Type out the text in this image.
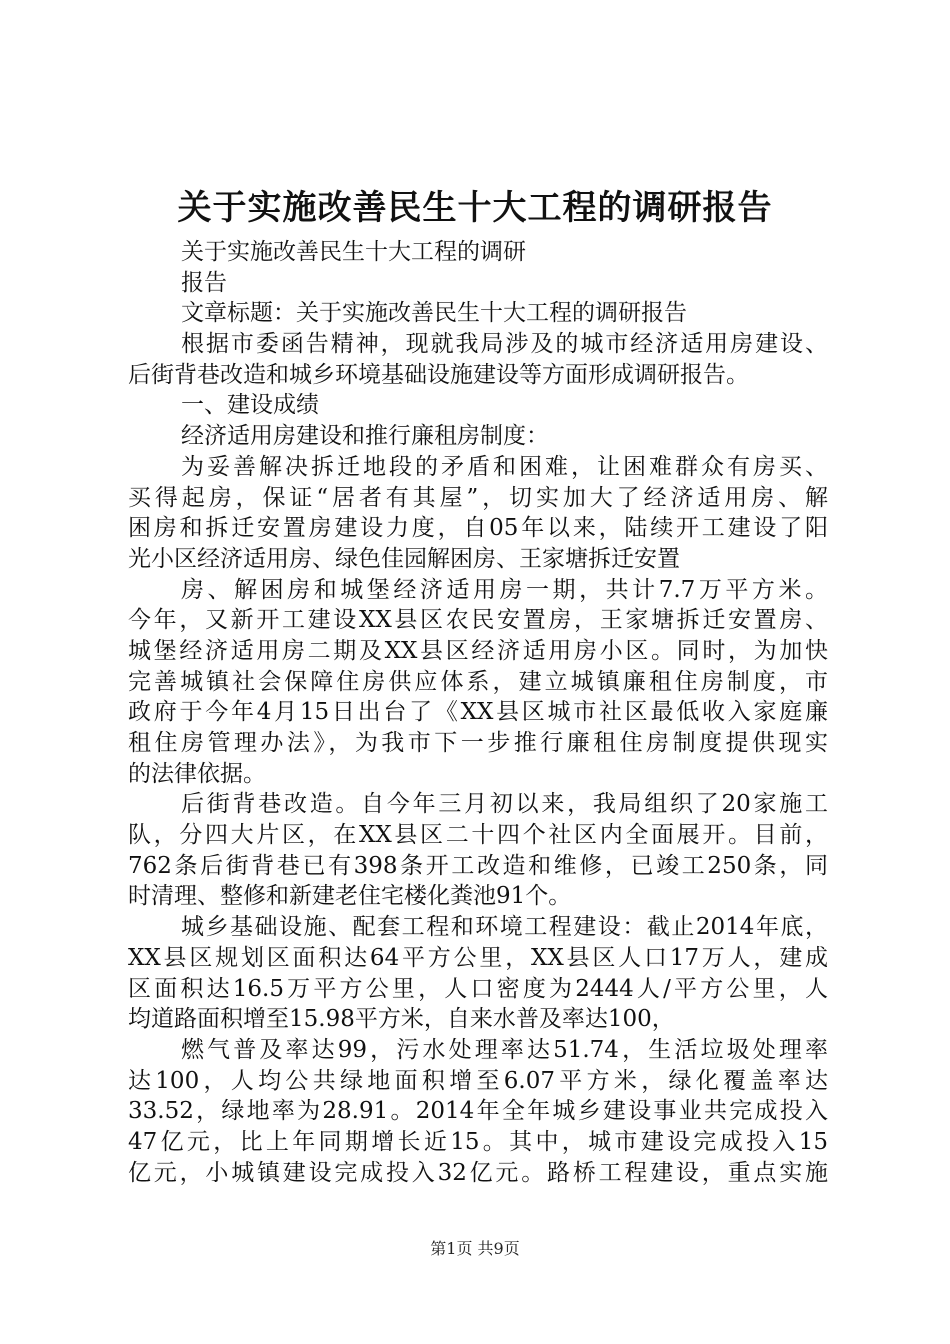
关于实施改善民生十大工程的调研报告
关于实施改善民生十大工程的调研
报告
文章标题：关于实施改善民生十大工程的调研报告
根据市委函告精神，现就我局涉及的城市经济适用房建设、
后街背巷改造和城乡环境基础设施建设等方面形成调研报告。
一、建设成绩
经济适用房建设和推行廉租房制度：
为妥善解决拆迁地段的矛盾和困难，让困难群众有房买、
买得起房，保证“居者有其屋”，切实加大了经济适用房、解
困房和拆迁安置房建设力度，自05年以来，陆续开工建设了阳
光小区经济适用房、绿色佳园解困房、王家塘拆迁安置
房、解困房和城堡经济适用房一期，共计7.7万平方米。
今年，又新开工建设XX县区农民安置房，王家塘拆迁安置房、
城堡经济适用房二期及XX县区经济适用房小区。同时，为加快
完善城镇社会保障住房供应体系，建立城镇廉租住房制度，市
政府于今年4月15日出台了《XX县区城市社区最低收入家庭廉
租住房管理办法》，为我市下一步推行廉租住房制度提供现实
的法律依据。
后街背巷改造。自今年三月初以来，我局组织了20家施工
队，分四大片区，在XX县区二十四个社区内全面展开。目前，
762条后街背巷已有398条开工改造和维修，已竣工250条，同
时清理、整修和新建老住宅楼化粪池91个。
城乡基础设施、配套工程和环境工程建设：截止2014年底，
XX县区规划区面积达64平方公里，XX县区人口17万人，建成
区面积达16.5万平方公里，人口密度为2444人/平方公里，人
均道路面积增至15.98平方米，自来水普及率达100，
燃气普及率达99，污水处理率达51.74，生活垃圾处理率
达100，人均公共绿地面积增至6.07平方米，绿化覆盖率达
33.52，绿地率为28.91。2014年全年城乡建设事业共完成投入
47亿元，比上年同期增长近15。其中，城市建设完成投入15
亿元，小城镇建设完成投入32亿元。路桥工程建设，重点实施
第1页 共9页
